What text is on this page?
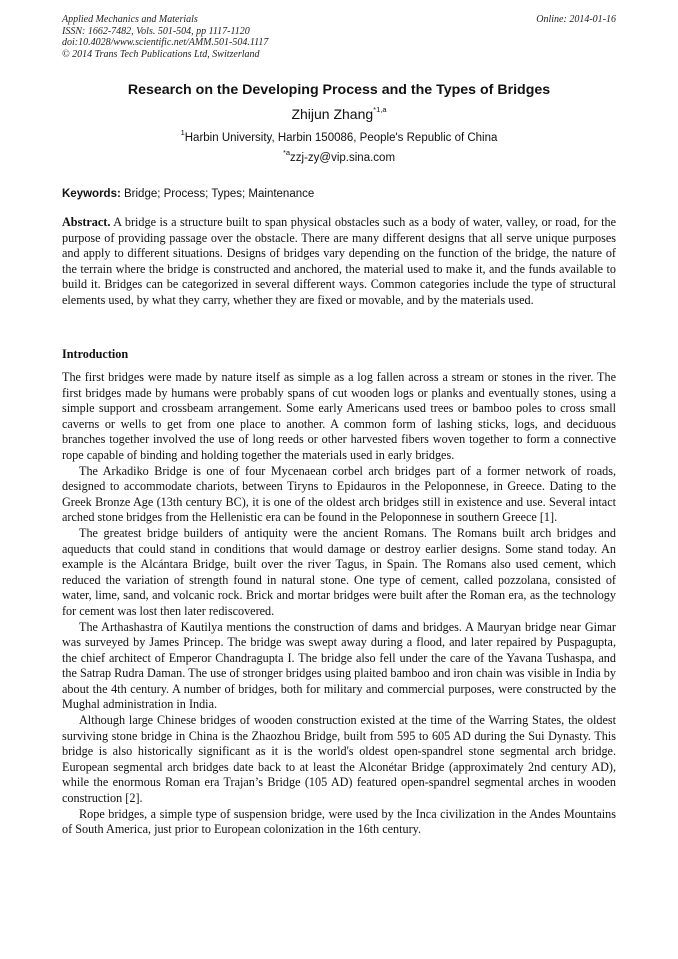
Applied Mechanics and Materials
ISSN: 1662-7482, Vols. 501-504, pp 1117-1120
doi:10.4028/www.scientific.net/AMM.501-504.1117
© 2014 Trans Tech Publications Ltd, Switzerland
Online: 2014-01-16
Research on the Developing Process and the Types of Bridges
Zhijun Zhang$^{*1,a}$
$^1$Harbin University, Harbin 150086, People's Republic of China
$^{*a}$zzj-zy@vip.sina.com
Keywords: Bridge; Process; Types; Maintenance
Abstract. A bridge is a structure built to span physical obstacles such as a body of water, valley, or road, for the purpose of providing passage over the obstacle. There are many different designs that all serve unique purposes and apply to different situations. Designs of bridges vary depending on the function of the bridge, the nature of the terrain where the bridge is constructed and anchored, the material used to make it, and the funds available to build it. Bridges can be categorized in several different ways. Common categories include the type of structural elements used, by what they carry, whether they are fixed or movable, and by the materials used.
Introduction

The first bridges were made by nature itself as simple as a log fallen across a stream or stones in the river. The first bridges made by humans were probably spans of cut wooden logs or planks and eventually stones, using a simple support and crossbeam arrangement. Some early Americans used trees or bamboo poles to cross small caverns or wells to get from one place to another. A common form of lashing sticks, logs, and deciduous branches together involved the use of long reeds or other harvested fibers woven together to form a connective rope capable of binding and holding together the materials used in early bridges.

The Arkadiko Bridge is one of four Mycenaean corbel arch bridges part of a former network of roads, designed to accommodate chariots, between Tiryns to Epidauros in the Peloponnese, in Greece. Dating to the Greek Bronze Age (13th century BC), it is one of the oldest arch bridges still in existence and use. Several intact arched stone bridges from the Hellenistic era can be found in the Peloponnese in southern Greece [1].

The greatest bridge builders of antiquity were the ancient Romans. The Romans built arch bridges and aqueducts that could stand in conditions that would damage or destroy earlier designs. Some stand today. An example is the Alcántara Bridge, built over the river Tagus, in Spain. The Romans also used cement, which reduced the variation of strength found in natural stone. One type of cement, called pozzolana, consisted of water, lime, sand, and volcanic rock. Brick and mortar bridges were built after the Roman era, as the technology for cement was lost then later rediscovered.

The Arthashastra of Kautilya mentions the construction of dams and bridges. A Mauryan bridge near Gimar was surveyed by James Princep. The bridge was swept away during a flood, and later repaired by Puspagupta, the chief architect of Emperor Chandragupta I. The bridge also fell under the care of the Yavana Tushaspa, and the Satrap Rudra Daman. The use of stronger bridges using plaited bamboo and iron chain was visible in India by about the 4th century. A number of bridges, both for military and commercial purposes, were constructed by the Mughal administration in India.

Although large Chinese bridges of wooden construction existed at the time of the Warring States, the oldest surviving stone bridge in China is the Zhaozhou Bridge, built from 595 to 605 AD during the Sui Dynasty. This bridge is also historically significant as it is the world's oldest open-spandrel stone segmental arch bridge. European segmental arch bridges date back to at least the Alconétar Bridge (approximately 2nd century AD), while the enormous Roman era Trajan’s Bridge (105 AD) featured open-spandrel segmental arches in wooden construction [2].

Rope bridges, a simple type of suspension bridge, were used by the Inca civilization in the Andes Mountains of South America, just prior to European colonization in the 16th century.
